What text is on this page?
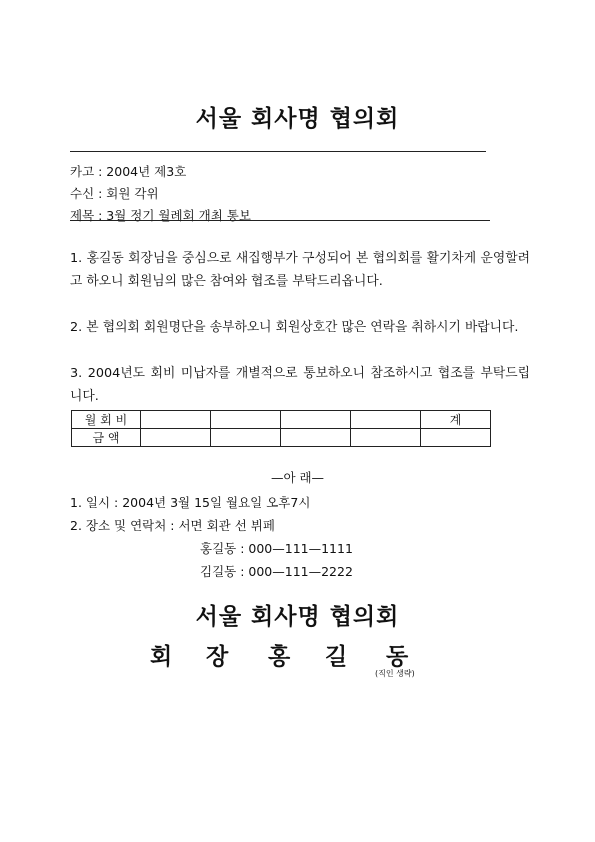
서울 회사명 협의회
카고 : 2004년 제3호
수신 : 회원 각위
제목 : 3월 정기 월례회 개최 통보
1. 홍길동 회장님을 중심으로 새집행부가 구성되어 본 협의회를 활기차게 운영할려고 하오니 회원님의 많은 참여와 협조를 부탁드리옵니다.
2. 본 협의회 회원명단을 송부하오니 회원상호간 많은 연락을 취하시기 바랍니다.
3. 2004년도 회비 미납자를 개별적으로 통보하오니 참조하시고 협조를 부탁드립니다.
월 회 비					계
금 액					
—아 래—
1. 일시 : 2004년 3월 15일 월요일 오후7시
2. 장소 및 연락처 : 서면 회관 선 뷔페
홍길동 : 000—111—1111
김길동 : 000—111—2222
서울 회사명 협의회
회 장 홍 길 동
(직인 생략)
